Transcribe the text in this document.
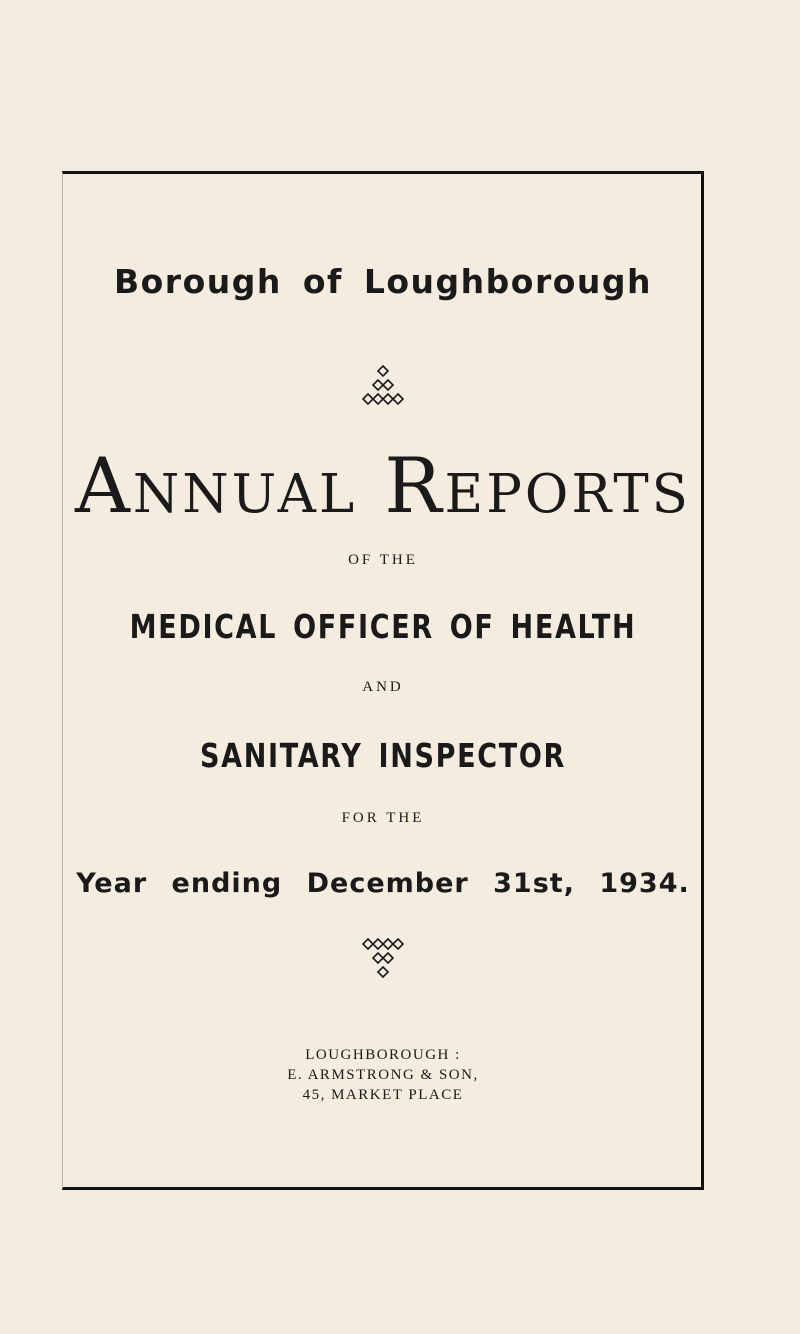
Borough of Loughborough
Annual Reports
OF THE
MEDICAL OFFICER OF HEALTH
AND
SANITARY INSPECTOR
FOR THE
Year ending December 31st, 1934.
LOUGHBOROUGH :
E. ARMSTRONG & SON,
45, MARKET PLACE
